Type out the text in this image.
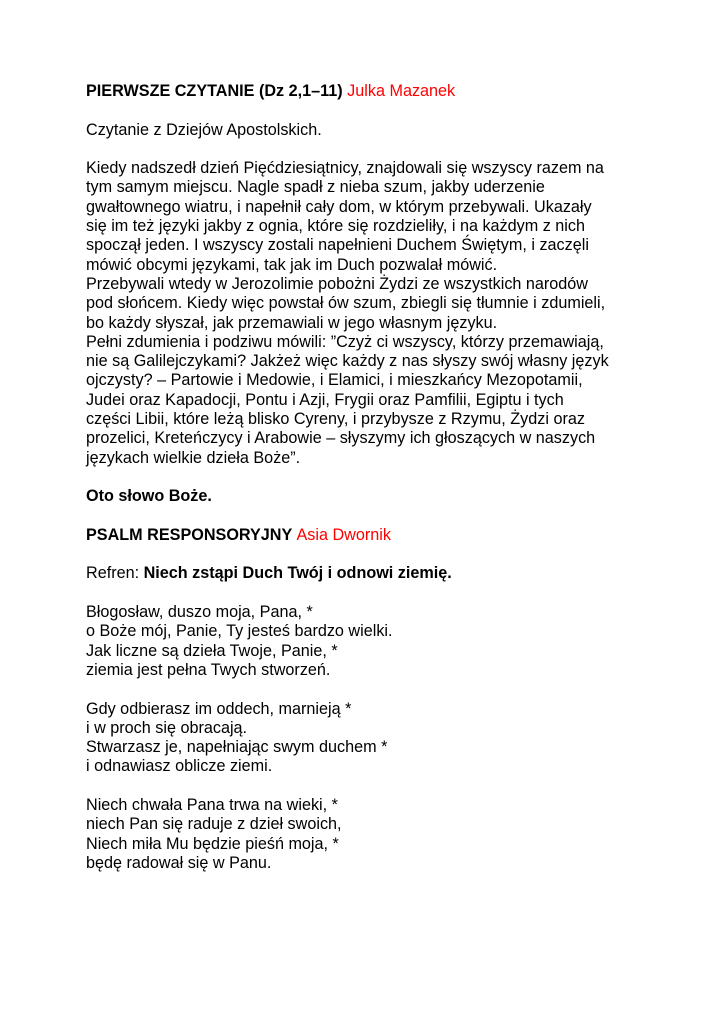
PIERWSZE CZYTANIE (Dz 2,1–11) Julka Mazanek
Czytanie z Dziejów Apostolskich.
Kiedy nadszedł dzień Pięćdziesiątnicy, znajdowali się wszyscy razem na
tym samym miejscu. Nagle spadł z nieba szum, jakby uderzenie
gwałtownego wiatru, i napełnił cały dom, w którym przebywali. Ukazały
się im też języki jakby z ognia, które się rozdzieliły, i na każdym z nich
spoczął jeden. I wszyscy zostali napełnieni Duchem Świętym, i zaczęli
mówić obcymi językami, tak jak im Duch pozwalał mówić.
Przebywali wtedy w Jerozolimie pobożni Żydzi ze wszystkich narodów
pod słońcem. Kiedy więc powstał ów szum, zbiegli się tłumnie i zdumieli,
bo każdy słyszał, jak przemawiali w jego własnym języku.
Pełni zdumienia i podziwu mówili: ”Czyż ci wszyscy, którzy przemawiają,
nie są Galilejczykami? Jakżeż więc każdy z nas słyszy swój własny język
ojczysty? – Partowie i Medowie, i Elamici, i mieszkańcy Mezopotamii,
Judei oraz Kapadocji, Pontu i Azji, Frygii oraz Pamfilii, Egiptu i tych
części Libii, które leżą blisko Cyreny, i przybysze z Rzymu, Żydzi oraz
prozelici, Kreteńczycy i Arabowie – słyszymy ich głoszących w naszych
językach wielkie dzieła Boże”.
Oto słowo Boże.
PSALM RESPONSORYJNY Asia Dwornik
Refren: Niech zstąpi Duch Twój i odnowi ziemię.
Błogosław, duszo moja, Pana, *
o Boże mój, Panie, Ty jesteś bardzo wielki.
Jak liczne są dzieła Twoje, Panie, *
ziemia jest pełna Twych stworzeń.
Gdy odbierasz im oddech, marnieją *
i w proch się obracają.
Stwarzasz je, napełniając swym duchem *
i odnawiasz oblicze ziemi.
Niech chwała Pana trwa na wieki, *
niech Pan się raduje z dzieł swoich,
Niech miła Mu będzie pieśń moja, *
będę radował się w Panu.
